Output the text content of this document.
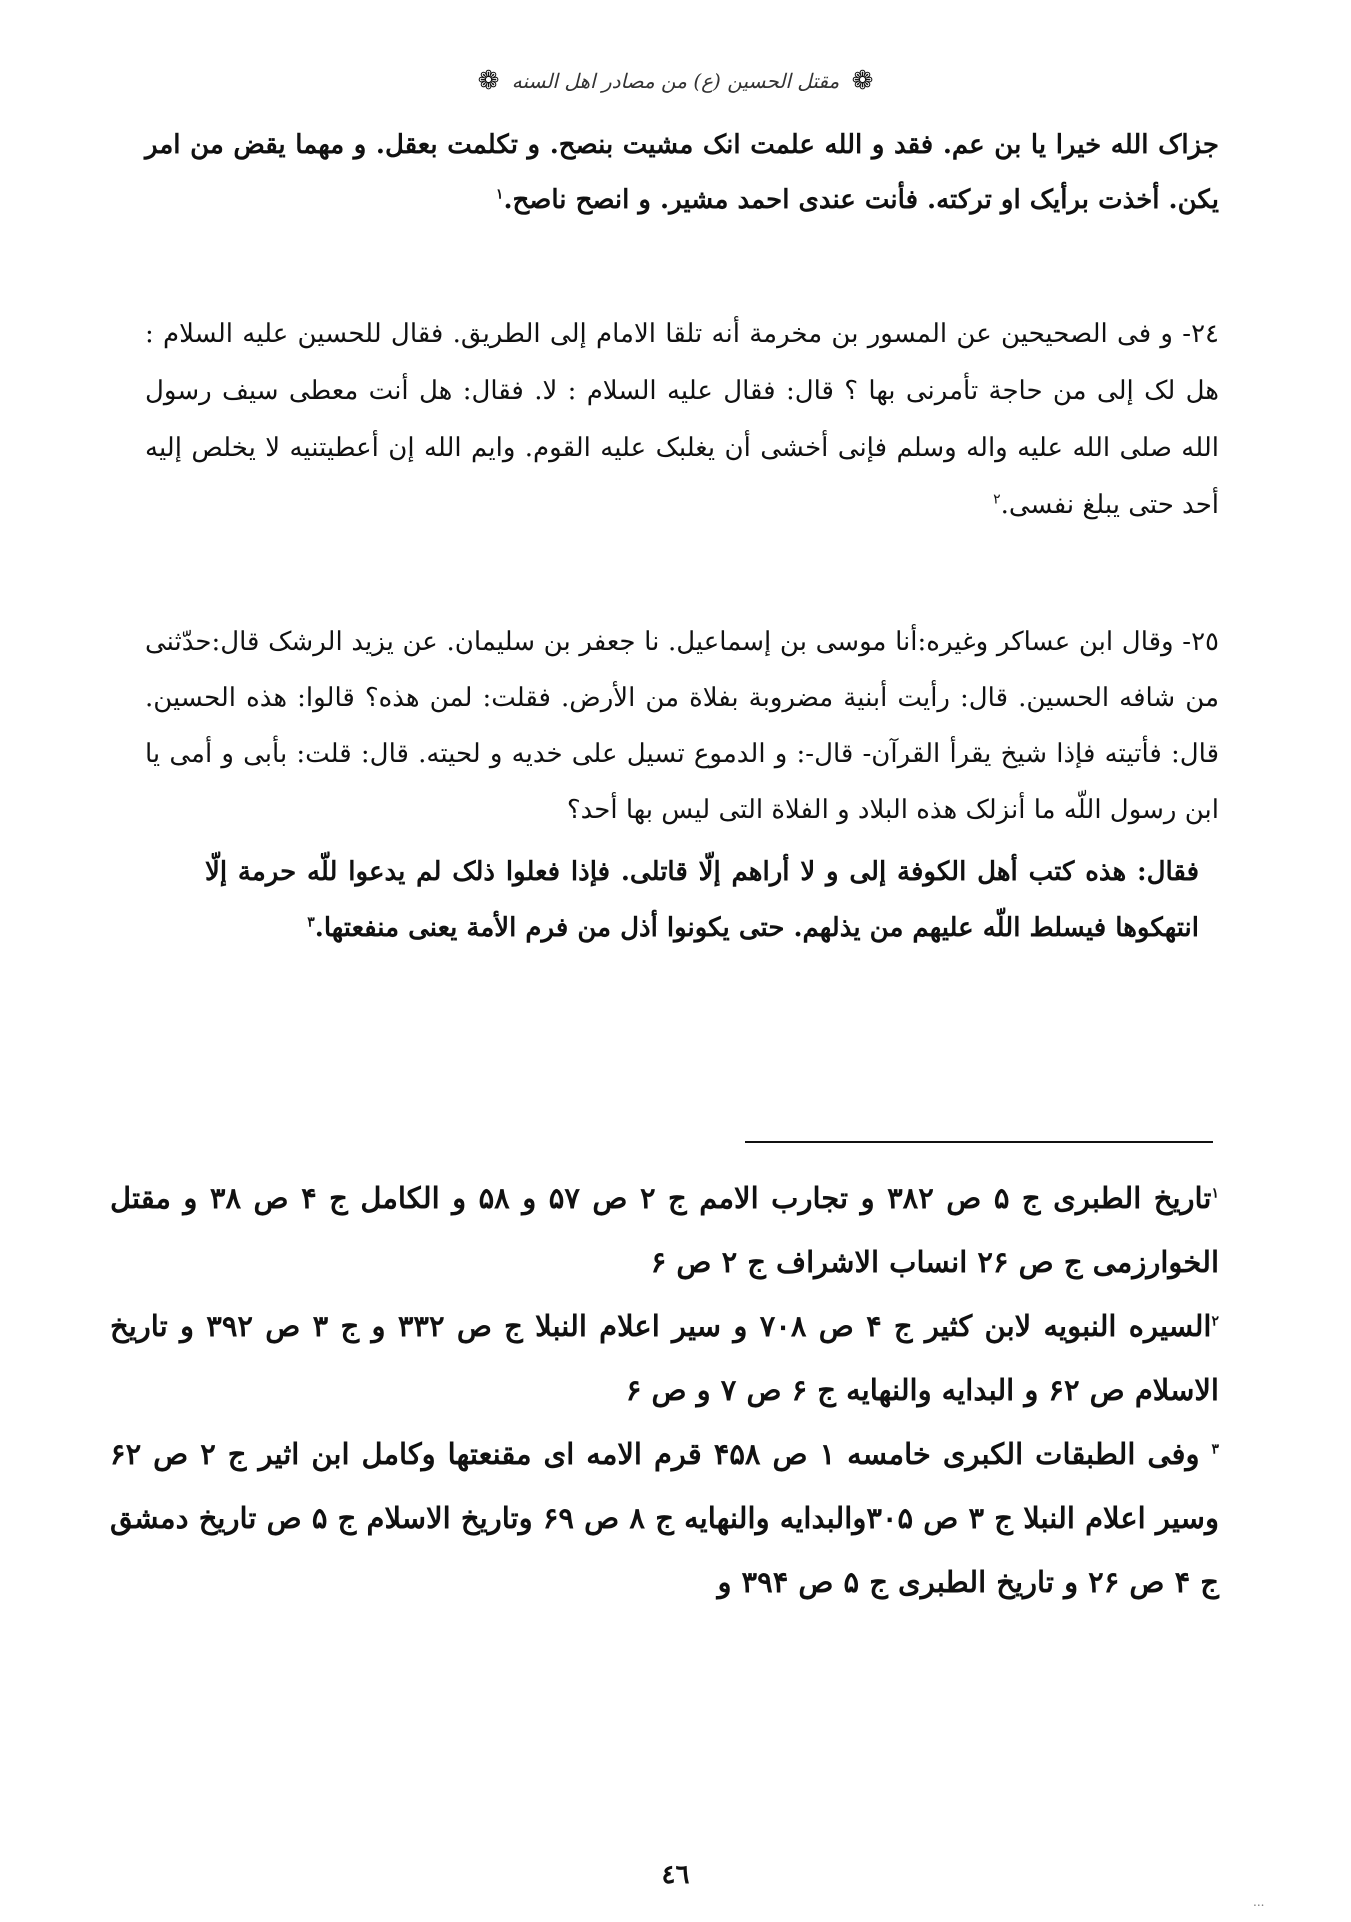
❁ مقتل الحسين (ع) من مصادر اهل السنه ❁

جزاک الله خيرا يا بن عم. فقد و الله علمت انک مشيت بنصح. و تكلمت بعقل. و مهما يقض من امر يكن. أخذت برأيک او تركته. فأنت عندى احمد مشير. و انصح ناصح.$^١$

٢٤- و فى الصحيحين عن المسور بن مخرمة أنه تلقا الامام إلى الطريق. فقال للحسين عليه السلام : هل لک إلى من حاجة تأمرنى بها ؟ قال: فقال عليه السلام : لا. فقال: هل أنت معطى سيف رسول الله صلى الله عليه واله وسلم فإنى أخشى أن يغلبک عليه القوم. وايم الله إن أعطيتنيه لا يخلص إليه أحد حتى يبلغ نفسى.$^٢$

٢٥- وقال ابن عساكر وغيره:أنا موسى بن إسماعيل. نا جعفر بن سليمان. عن يزيد الرشک قال:حدّثنى من شافه الحسين. قال: رأيت أبنية مضروبة بفلاة من الأرض. فقلت: لمن هذه؟ قالوا: هذه الحسين. قال: فأتيته فإذا شيخ يقرأ القرآن- قال-: و الدموع تسيل على خديه و لحيته. قال: قلت: بأبى و أمى يا ابن رسول اللّه ما أنزلک هذه البلاد و الفلاة التى ليس بها أحد؟

فقال: هذه كتب أهل الكوفة إلى و لا أراهم إلّا قاتلى. فإذا فعلوا ذلک لم يدعوا للّه حرمة إلّا انتهكوها فيسلط اللّه عليهم من يذلهم. حتى يكونوا أذل من فرم الأمة يعنى منفعتها.$^٣$

$^١$تاريخ الطبرى ج ۵ ص ۳۸۲ و تجارب الامم ج ۲ ص ۵۷ و ۵۸ و الكامل ج ۴ ص ۳۸ و مقتل الخوارزمى ج ص ۲۶ انساب الاشراف ج ۲ ص ۶

$^٢$السيره النبويه لابن كثير ج ۴ ص ۷۰۸ و سير اعلام النبلا ج ص ۳۳۲ و ج ۳ ص ۳۹۲ و تاريخ الاسلام ص ۶۲ و البدايه والنهايه ج ۶ ص ۷ و ص ۶

$^٣$ وفى الطبقات الكبرى خامسه ۱ ص ۴۵۸ قرم الامه اى مقنعتها وكامل ابن اثير ج ۲ ص ۶۲ وسير اعلام النبلا ج ۳ ص ۳۰۵والبدايه والنهايه ج ۸ ص ۶۹ وتاريخ الاسلام ج ۵ ص تاريخ دمشق ج ۴ ص ۲۶ و تاريخ الطبرى ج ۵ ص ۳۹۴ و

٤٦
...
